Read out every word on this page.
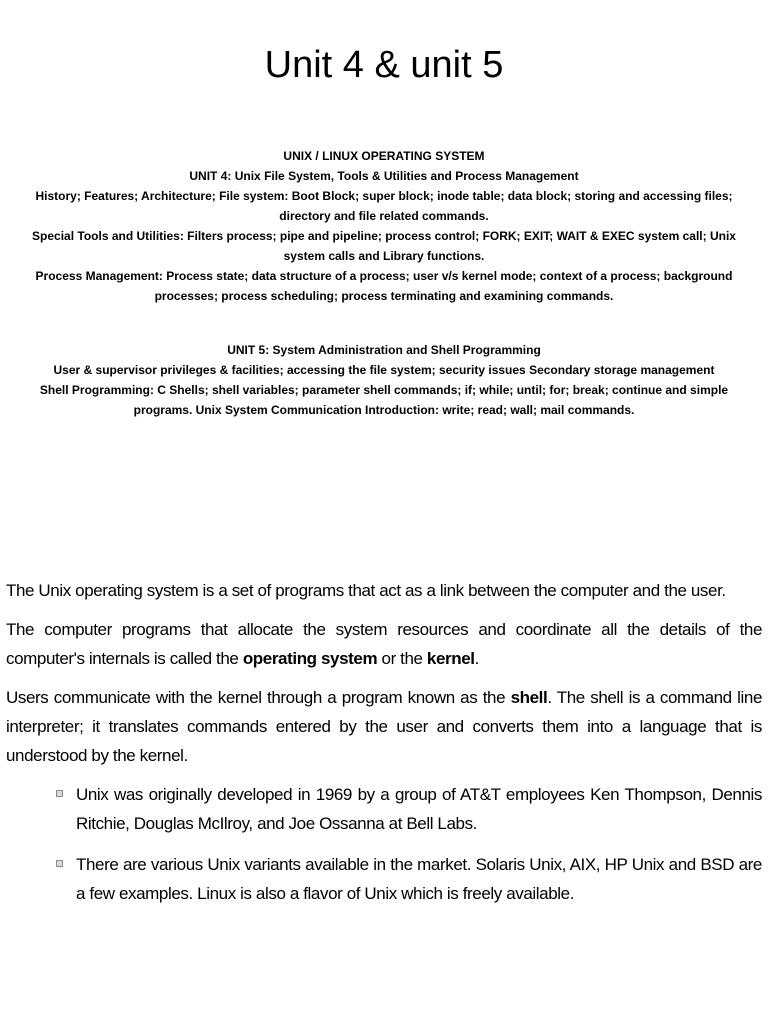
Unit 4 & unit 5

UNIX / LINUX OPERATING SYSTEM

UNIT 4: Unix File System, Tools & Utilities and Process Management

History; Features; Architecture; File system: Boot Block; super block; inode table; data block; storing and accessing files; directory and file related commands.

Special Tools and Utilities: Filters process; pipe and pipeline; process control; FORK; EXIT; WAIT & EXEC system call; Unix system calls and Library functions.

Process Management: Process state; data structure of a process; user v/s kernel mode; context of a process; background processes; process scheduling; process terminating and examining commands.

UNIT 5: System Administration and Shell Programming

User & supervisor privileges & facilities; accessing the file system; security issues Secondary storage management

Shell Programming: C Shells; shell variables; parameter shell commands; if; while; until; for; break; continue and simple programs. Unix System Communication Introduction: write; read; wall; mail commands.

The Unix operating system is a set of programs that act as a link between the computer and the user.

The computer programs that allocate the system resources and coordinate all the details of the computer's internals is called the operating system or the kernel.

Users communicate with the kernel through a program known as the shell. The shell is a command line interpreter; it translates commands entered by the user and converts them into a language that is understood by the kernel.

Unix was originally developed in 1969 by a group of AT&T employees Ken Thompson, Dennis Ritchie, Douglas McIlroy, and Joe Ossanna at Bell Labs.
There are various Unix variants available in the market. Solaris Unix, AIX, HP Unix and BSD are a few examples. Linux is also a flavor of Unix which is freely available.
